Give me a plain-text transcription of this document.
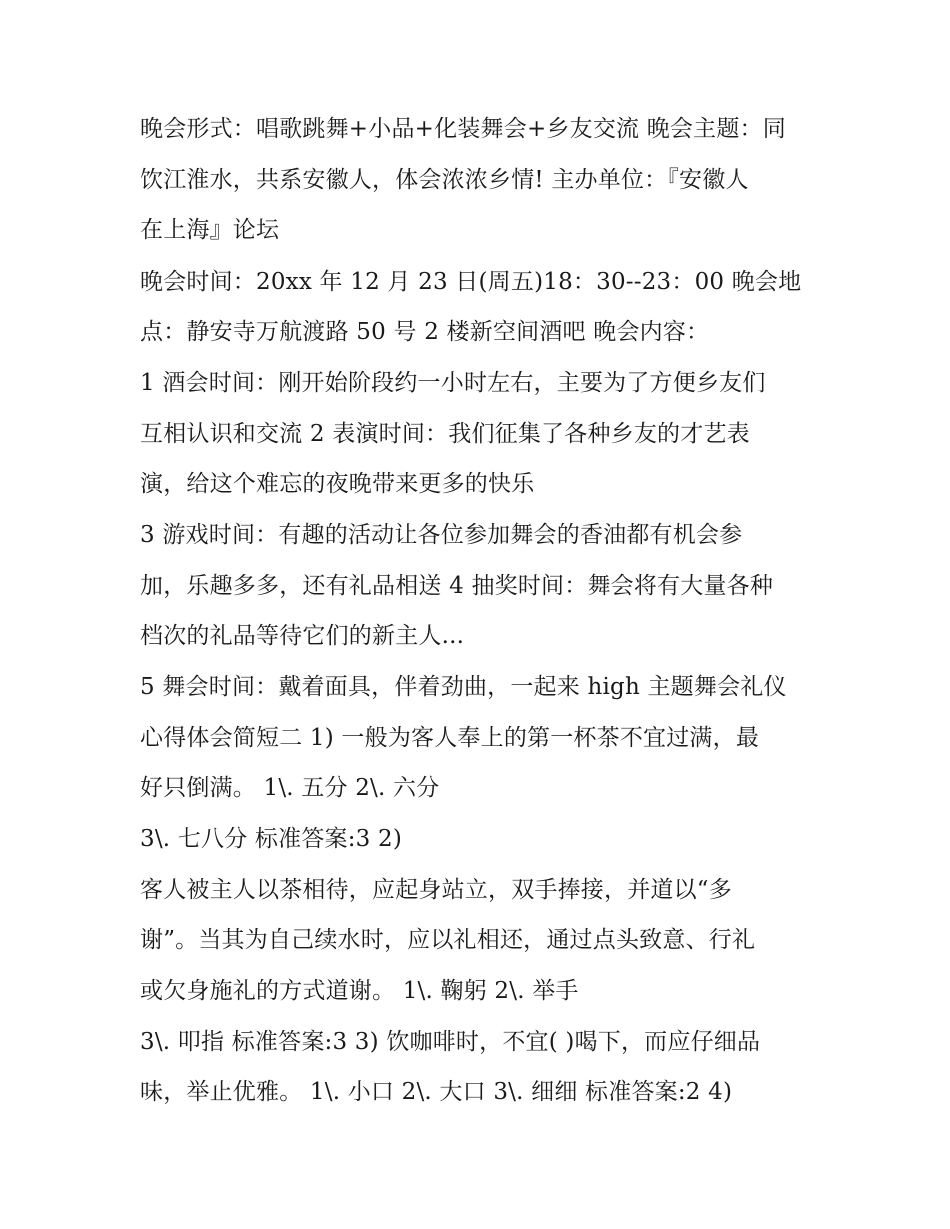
晚会形式：唱歌跳舞+小品+化装舞会+乡友交流 晚会主题：同
饮江淮水，共系安徽人，体会浓浓乡情! 主办单位：『安徽人
在上海』论坛
晚会时间：20xx 年 12 月 23 日(周五)18：30--23：00 晚会地
点：静安寺万航渡路 50 号 2 楼新空间酒吧 晚会内容：
1 酒会时间：刚开始阶段约一小时左右，主要为了方便乡友们
互相认识和交流 2 表演时间：我们征集了各种乡友的才艺表
演，给这个难忘的夜晚带来更多的快乐
3 游戏时间：有趣的活动让各位参加舞会的香油都有机会参
加，乐趣多多，还有礼品相送 4 抽奖时间：舞会将有大量各种
档次的礼品等待它们的新主人...
5 舞会时间：戴着面具，伴着劲曲，一起来 high 主题舞会礼仪
心得体会简短二 1) 一般为客人奉上的第一杯茶不宜过满，最
好只倒满。 1\. 五分 2\. 六分
3\. 七八分 标准答案:3 2)
客人被主人以茶相待，应起身站立，双手捧接，并道以“多
谢”。当其为自己续水时，应以礼相还，通过点头致意、行礼
或欠身施礼的方式道谢。 1\. 鞠躬 2\. 举手
3\. 叩指 标准答案:3 3) 饮咖啡时，不宜( )喝下，而应仔细品
味，举止优雅。 1\. 小口 2\. 大口 3\. 细细 标准答案:2 4)
